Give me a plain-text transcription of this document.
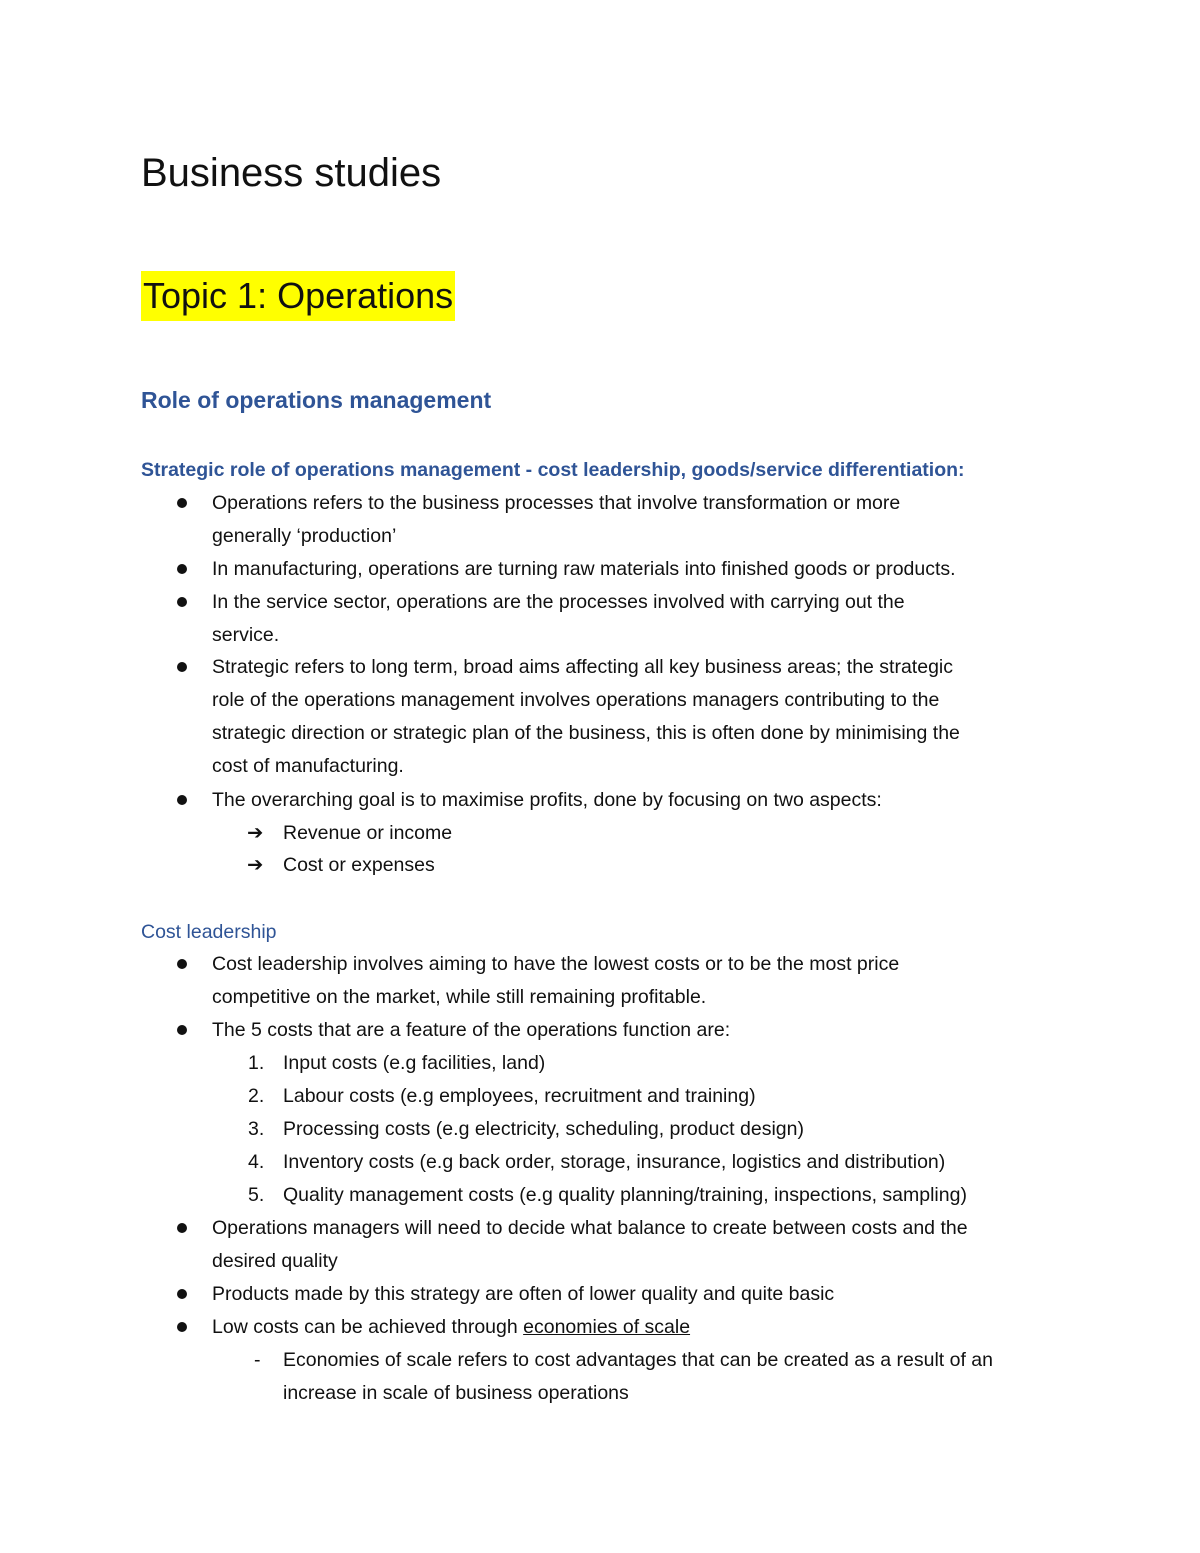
Business studies
Topic 1: Operations
Role of operations management
Strategic role of operations management - cost leadership, goods/service differentiation:
Operations refers to the business processes that involve transformation or more
generally ‘production’
In manufacturing, operations are turning raw materials into finished goods or products.
In the service sector, operations are the processes involved with carrying out the
service.
Strategic refers to long term, broad aims affecting all key business areas; the strategic
role of the operations management involves operations managers contributing to the
strategic direction or strategic plan of the business, this is often done by minimising the
cost of manufacturing.
The overarching goal is to maximise profits, done by focusing on two aspects:
➔ Revenue or income
➔ Cost or expenses
Cost leadership
Cost leadership involves aiming to have the lowest costs or to be the most price
competitive on the market, while still remaining profitable.
The 5 costs that are a feature of the operations function are:
1. Input costs (e.g facilities, land)
2. Labour costs (e.g employees, recruitment and training)
3. Processing costs (e.g electricity, scheduling, product design)
4. Inventory costs (e.g back order, storage, insurance, logistics and distribution)
5. Quality management costs (e.g quality planning/training, inspections, sampling)
Operations managers will need to decide what balance to create between costs and the
desired quality
Products made by this strategy are often of lower quality and quite basic
Low costs can be achieved through economies of scale
- Economies of scale refers to cost advantages that can be created as a result of an
increase in scale of business operations
